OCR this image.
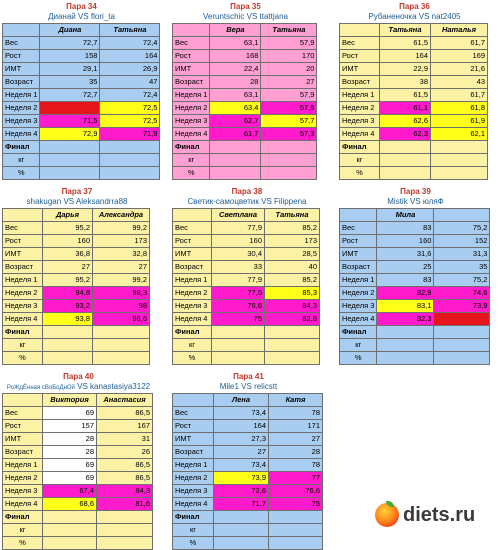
Пара 34
Дианай VS flori_ta
	Диана	Татьяна
Вес	72,7	72,4
Рост	158	164
ИМТ	29,1	26,9
Возраст	35	47
Неделя 1	72,7	72,4
Неделя 2		72,5
Неделя 3	71,5	72,5
Неделя 4	72,9	71,9
Финал		
кг		
%		
Пара 35
Veruntschic VS ttattjana
	Вера	Татьяна
Вес	63,1	57,9
Рост	168	170
ИМТ	22,4	20
Возраст	28	27
Неделя 1	63,1	57,9
Неделя 2	63,4	57,5
Неделя 3	62,7	57,7
Неделя 4	61,7	57,3
Финал		
кг		
%		
Пара 36
Рубаненочка VS nat2405
	Татьяна	Наталья
Вес	61,5	61,7
Рост	164	169
ИМТ	22,9	21,6
Возраст	38	43
Неделя 1	61,5	61,7
Неделя 2	61,1	61,8
Неделя 3	62,6	61,9
Неделя 4	62,3	62,1
Финал		
кг		
%		
Пара 37
shakugan VS Aleksandrra88
	Дарья	Александра
Вес	95,2	99,2
Рост	160	173
ИМТ	36,8	32,8
Возраст	27	27
Неделя 1	95,2	99,2
Неделя 2	94,8	98,3
Неделя 3	93,2	98
Неделя 4	93,8	96,6
Финал		
кг		
%		
Пара 38
Светик-самоцветик VS Filippena
	Светлана	Татьяна
Вес	77,9	85,2
Рост	160	173
ИМТ	30,4	28,5
Возраст	33	40
Неделя 1	77,9	85,2
Неделя 2	77,5	85,3
Неделя 3	76,6	84,3
Неделя 4	75	82,8
Финал		
кг		
%		
Пара 39
Mistik VS юляФ
	Мила	
Вес	83	75,2
Рост	160	152
ИМТ	31,6	31,3
Возраст	25	35
Неделя 1	83	75,2
Неделя 2	82,9	74,6
Неделя 3	83,1	73,9
Неделя 4	82,3	
Финал		
кг		
%		
Пара 40
РоЖдЁнная сВоБоДнОй VS kanastasiya3122
	Виктория	Анастасия
Вес	69	86,5
Рост	157	167
ИМТ	28	31
Возраст	28	26
Неделя 1	69	86,5
Неделя 2	69	86,5
Неделя 3	67,4	84,3
Неделя 4	68,6	81,6
Финал		
кг		
%		
Пара 41
Mile1 VS relicstt
	Лена	Катя
Вес	73,4	78
Рост	164	171
ИМТ	27,3	27
Возраст	27	28
Неделя 1	73,4	78
Неделя 2	73,9	77
Неделя 3	72,6	76,6
Неделя 4	71,7	75
Финал		
кг		
%		
diets.ru
